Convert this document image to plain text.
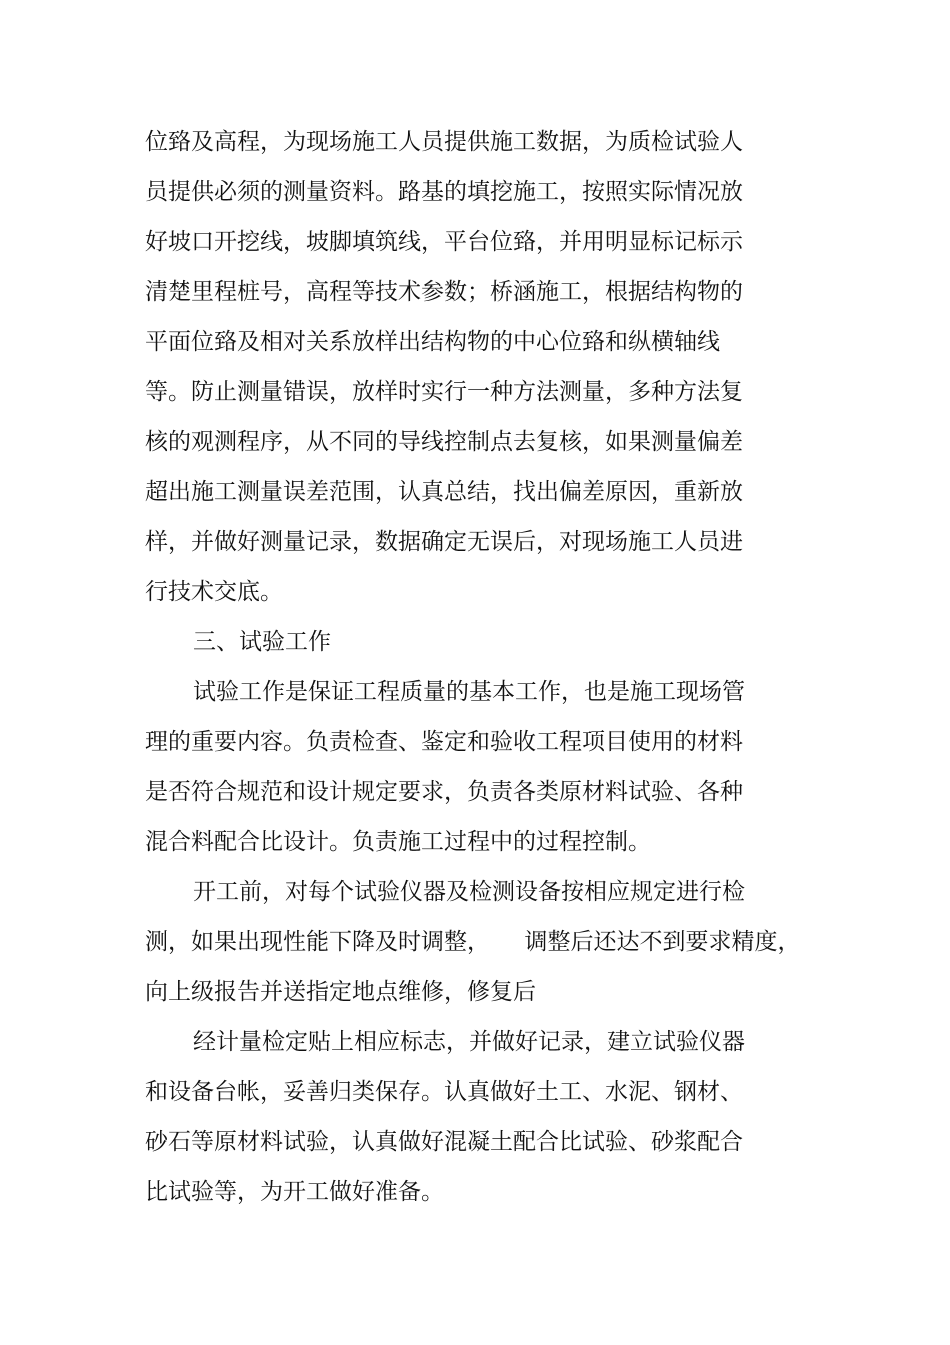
位臵及高程，为现场施工人员提供施工数据，为质检试验人
员提供必须的测量资料。路基的填挖施工，按照实际情况放
好坡口开挖线，坡脚填筑线，平台位臵，并用明显标记标示
清楚里程桩号，高程等技术参数；桥涵施工，根据结构物的
平面位臵及相对关系放样出结构物的中心位臵和纵横轴线
等。防止测量错误，放样时实行一种方法测量，多种方法复
核的观测程序，从不同的导线控制点去复核，如果测量偏差
超出施工测量误差范围，认真总结，找出偏差原因，重新放
样，并做好测量记录，数据确定无误后，对现场施工人员进
行技术交底。
三、试验工作
试验工作是保证工程质量的基本工作，也是施工现场管
理的重要内容。负责检查、鉴定和验收工程项目使用的材料
是否符合规范和设计规定要求，负责各类原材料试验、各种
混合料配合比设计。负责施工过程中的过程控制。
开工前，对每个试验仪器及检测设备按相应规定进行检
测，如果出现性能下降及时调整，　　调整后还达不到要求精度，
向上级报告并送指定地点维修，修复后
经计量检定贴上相应标志，并做好记录，建立试验仪器
和设备台帐，妥善归类保存。认真做好土工、水泥、钢材、
砂石等原材料试验，认真做好混凝土配合比试验、砂浆配合
比试验等，为开工做好准备。
